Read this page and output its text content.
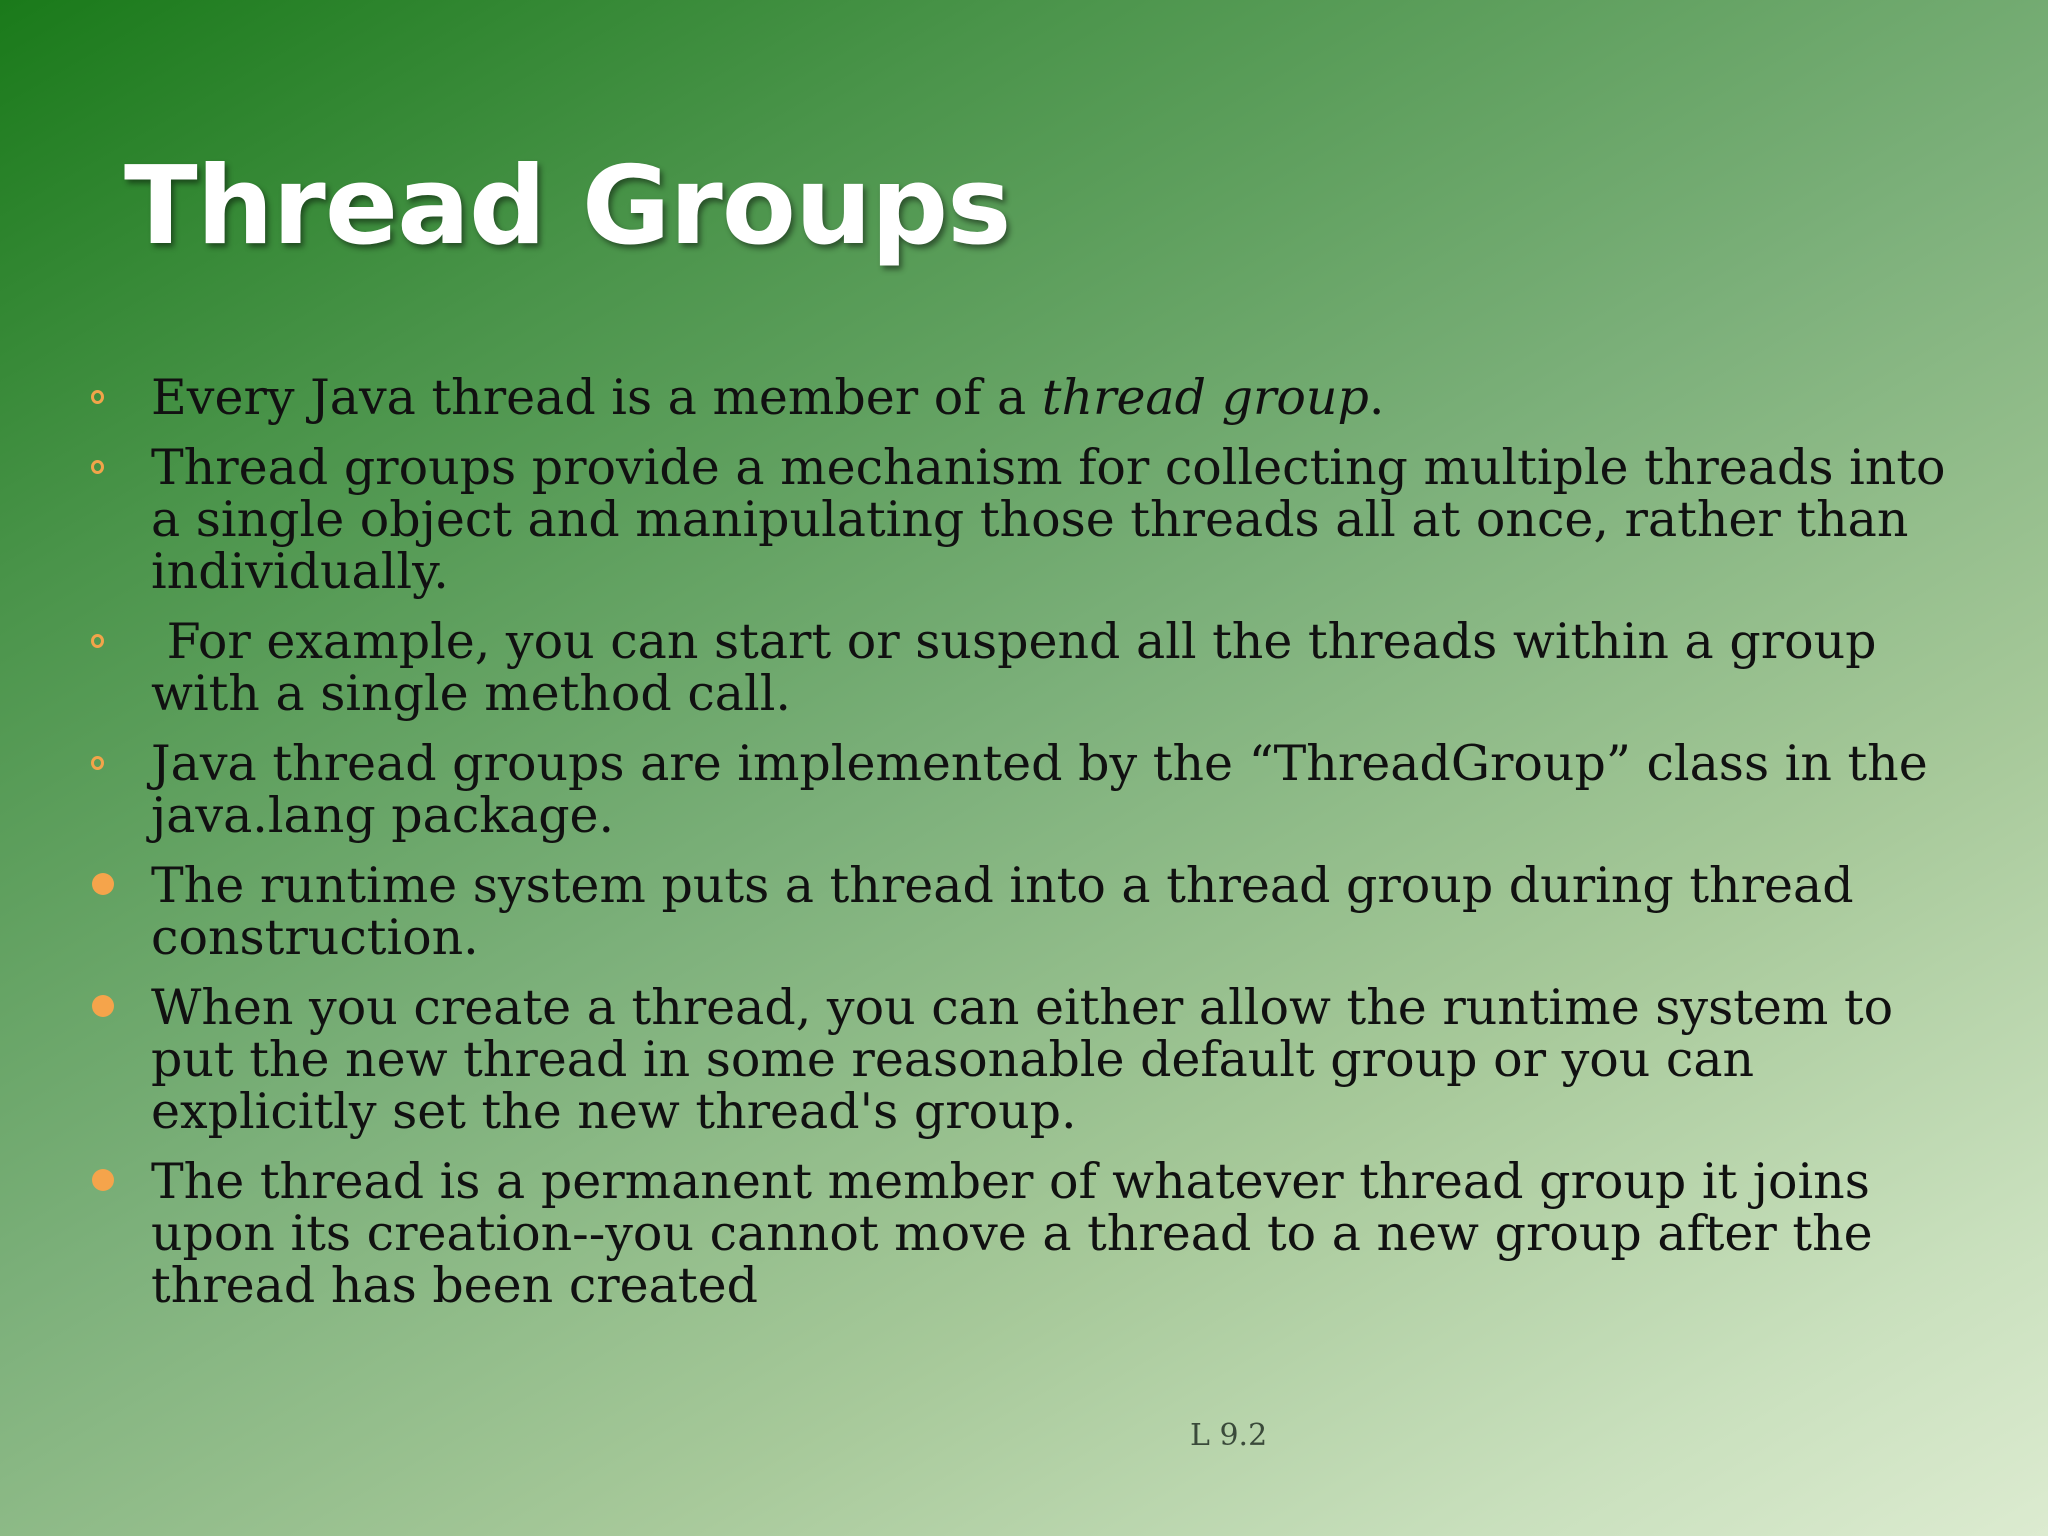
Thread Groups
Every Java thread is a member of a thread group.
Thread groups provide a mechanism for collecting multiple threads into a single object and manipulating those threads all at once, rather than individually.
For example, you can start or suspend all the threads within a group with a single method call.
Java thread groups are implemented by the “ThreadGroup” class in the java.lang package.
The runtime system puts a thread into a thread group during thread construction.
When you create a thread, you can either allow the runtime system to put the new thread in some reasonable default group or you can explicitly set the new thread's group.
The thread is a permanent member of whatever thread group it joins upon its creation--you cannot move a thread to a new group after the thread has been created
L 9.2
